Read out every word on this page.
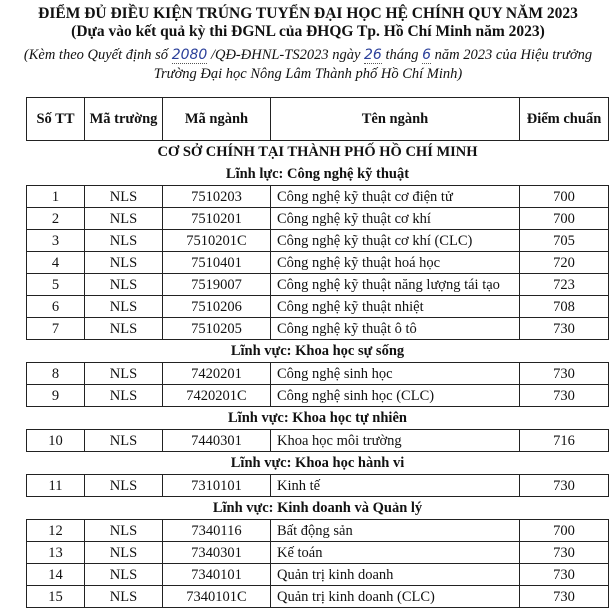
ĐIỂM ĐỦ ĐIỀU KIỆN TRÚNG TUYỂN ĐẠI HỌC HỆ CHÍNH QUY NĂM 2023

(Dựa vào kết quả kỳ thi ĐGNL của ĐHQG Tp. Hồ Chí Minh năm 2023)

(Kèm theo Quyết định số 2080 /QĐ-ĐHNL-TS2023 ngày 26 tháng 6 năm 2023 của Hiệu trưởng
Trường Đại học Nông Lâm Thành phố Hồ Chí Minh)

Số TT	Mã trường	Mã ngành	Tên ngành	Điểm chuẩn
CƠ SỞ CHÍNH TẠI THÀNH PHỐ HỒ CHÍ MINH				
Lĩnh lực: Công nghệ kỹ thuật				
1	NLS	7510203	Công nghệ kỹ thuật cơ điện tử	700
2	NLS	7510201	Công nghệ kỹ thuật cơ khí	700
3	NLS	7510201C	Công nghệ kỹ thuật cơ khí (CLC)	705
4	NLS	7510401	Công nghệ kỹ thuật hoá học	720
5	NLS	7519007	Công nghệ kỹ thuật năng lượng tái tạo	723
6	NLS	7510206	Công nghệ kỹ thuật nhiệt	708
7	NLS	7510205	Công nghệ kỹ thuật ô tô	730
Lĩnh vực: Khoa học sự sống				
8	NLS	7420201	Công nghệ sinh học	730
9	NLS	7420201C	Công nghệ sinh học (CLC)	730
Lĩnh vực: Khoa học tự nhiên				
10	NLS	7440301	Khoa học môi trường	716
Lĩnh vực: Khoa học hành vi				
11	NLS	7310101	Kinh tế	730
Lĩnh vực: Kinh doanh và Quản lý				
12	NLS	7340116	Bất động sản	700
13	NLS	7340301	Kế toán	730
14	NLS	7340101	Quản trị kinh doanh	730
15	NLS	7340101C	Quản trị kinh doanh (CLC)	730
